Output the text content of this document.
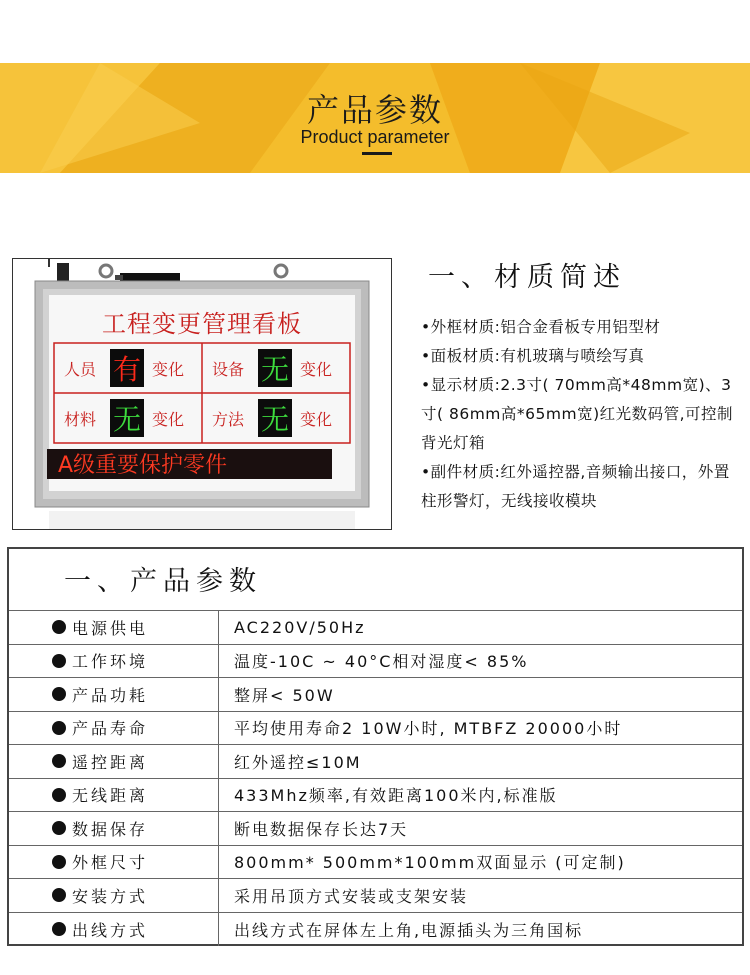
产品参数
Product parameter
工程变更管理看板
人员 有 变化 设备 无 变化
材料 无 变化 方法 无 变化
A级重要保护零件
一、材质简述
•外框材质:铝合金看板专用铝型材
•面板材质:有机玻璃与喷绘写真
•显示材质:2.3寸( 70mm高*48mm宽)、3寸( 86mm高*65mm宽)红光数码管,可控制背光灯箱
•副件材质:红外遥控器,音频输出接口，外置柱形警灯，无线接收模块
一、产品参数
电源供电	AC220V/50Hz
工作环境	温度-10C ~ 40°C相对湿度< 85%
产品功耗	整屏< 50W
产品寿命	平均使用寿命2 10W小时, MTBFZ 20000小时
遥控距离	红外遥控≤10M
无线距离	433Mhz频率,有效距离100米内,标准版
数据保存	断电数据保存长达7天
外框尺寸	800mm* 500mm*100mm双面显示 (可定制)
安装方式	采用吊顶方式安装或支架安装
出线方式	出线方式在屏体左上角,电源插头为三角国标
